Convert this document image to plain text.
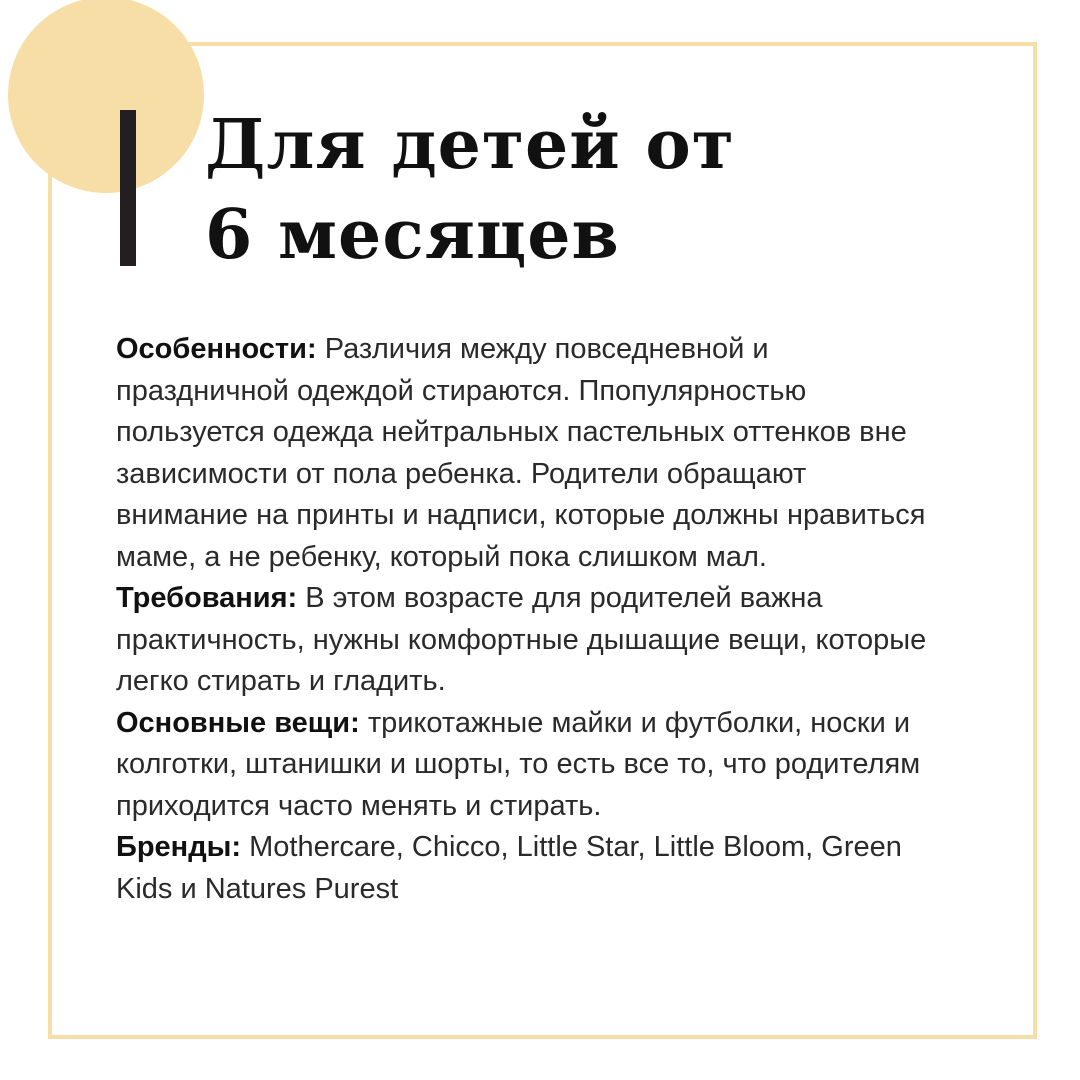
Для детей от
6 месяцев

Особенности: Различия между повседневной и праздничной одеждой стираются. Ппопулярностью пользуется одежда нейтральных пастельных оттенков вне зависимости от пола ребенка. Родители обращают внимание на принты и надписи, которые должны нравиться маме, а не ребенку, который пока слишком мал.

Требования: В этом возрасте для родителей важна практичность, нужны комфортные дышащие вещи, которые легко стирать и гладить.

Основные вещи: трикотажные майки и футболки, носки и колготки, штанишки и шорты, то есть все то, что родителям приходится часто менять и стирать.

Бренды: Mothercare, Chicco, Little Star, Little Bloom, Green Kids и Natures Purest
